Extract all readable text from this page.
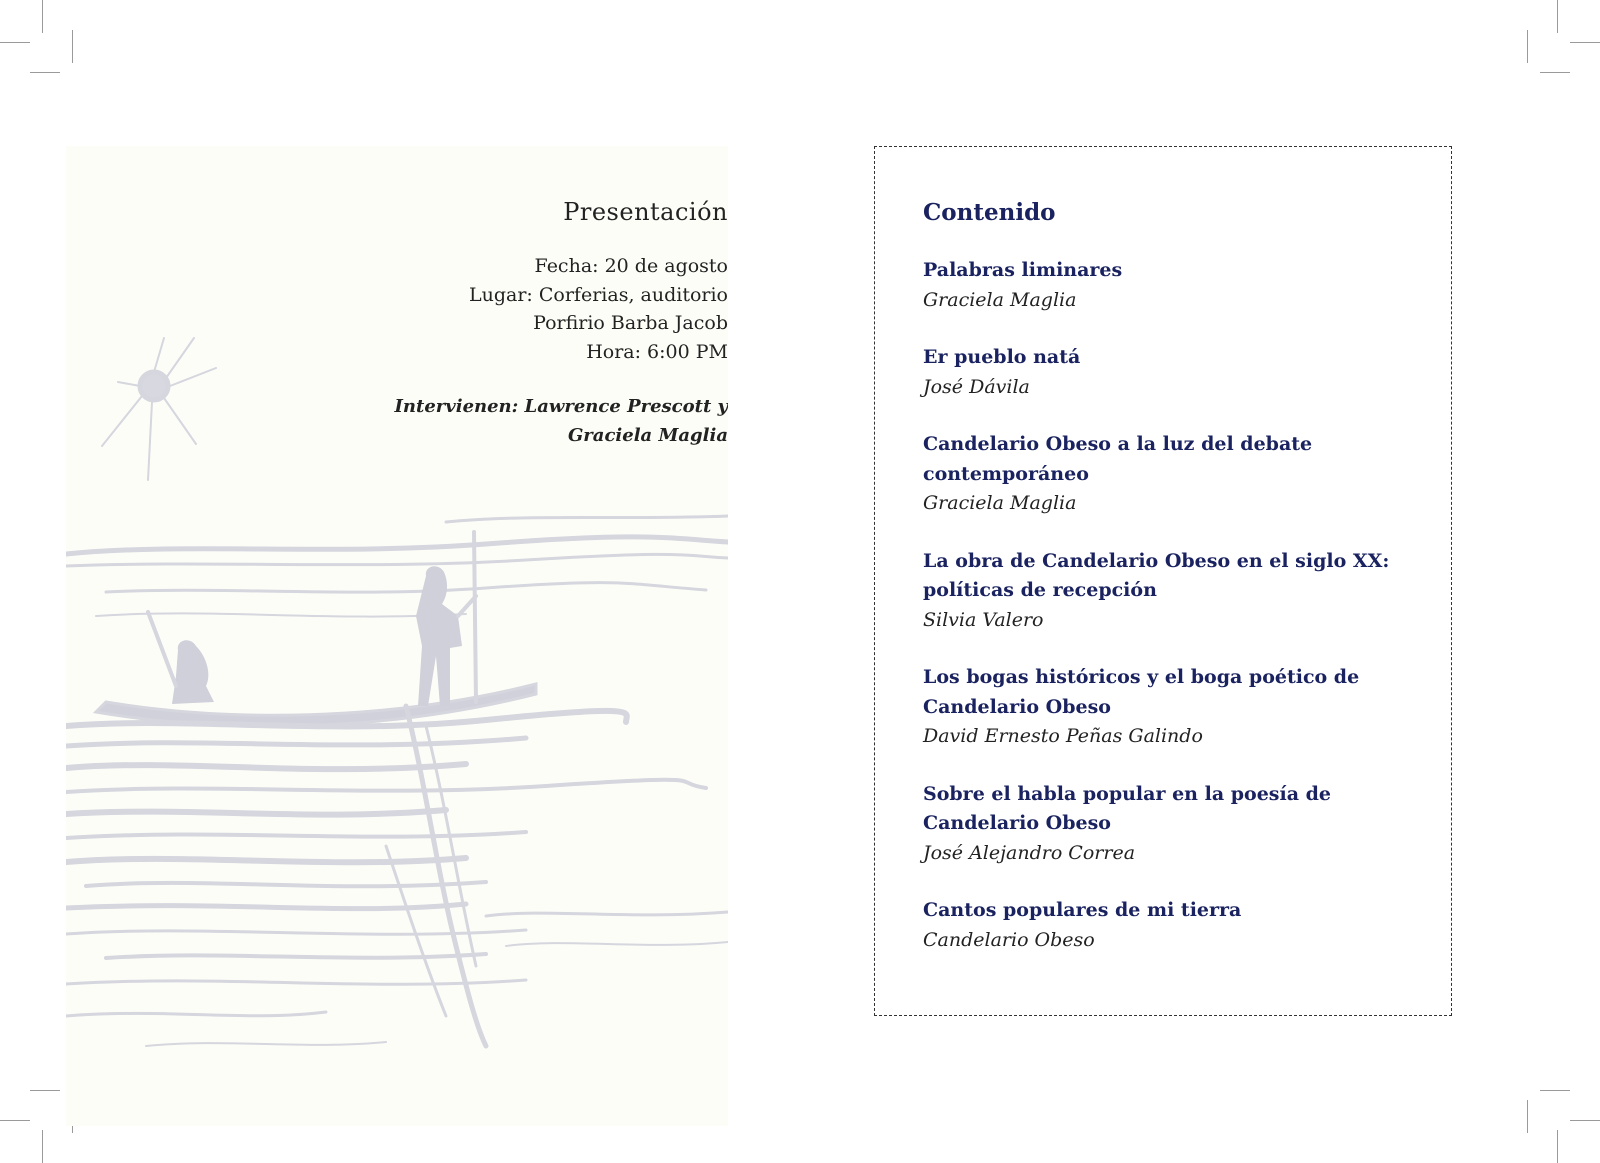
Presentación
Fecha: 20 de agosto
Lugar: Corferias, auditorio
Porfirio Barba Jacob
Hora: 6:00 PM
Intervienen: Lawrence Prescott y
Graciela Maglia
Contenido
Palabras liminares
Graciela Maglia
Er pueblo natá
José Dávila
Candelario Obeso a la luz del debate
contemporáneo
Graciela Maglia
La obra de Candelario Obeso en el siglo XX:
políticas de recepción
Silvia Valero
Los bogas históricos y el boga poético de
Candelario Obeso
David Ernesto Peñas Galindo
Sobre el habla popular en la poesía de
Candelario Obeso
José Alejandro Correa
Cantos populares de mi tierra
Candelario Obeso
